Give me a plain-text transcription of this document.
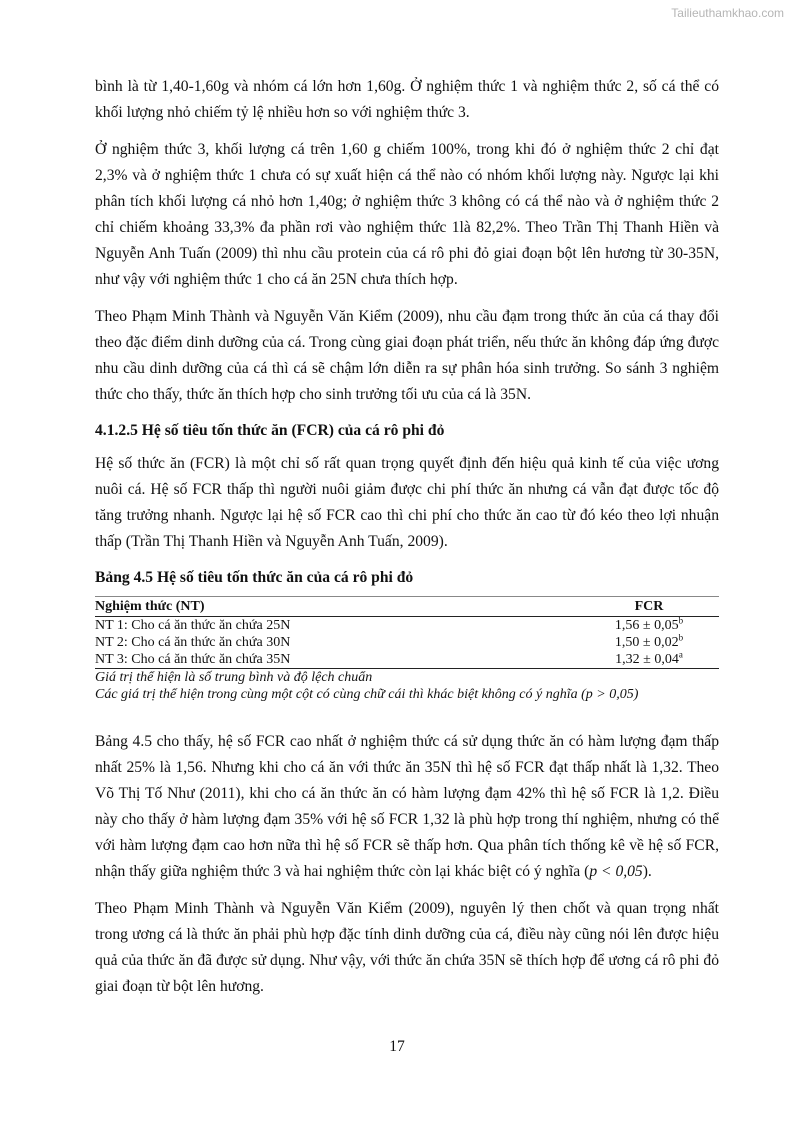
Tailieuthamkhao.com

bình là từ 1,40-1,60g và nhóm cá lớn hơn 1,60g. Ở nghiệm thức 1 và nghiệm thức 2, số cá thể có khối lượng nhỏ chiếm tỷ lệ nhiều hơn so với nghiệm thức 3.

Ở nghiệm thức 3, khối lượng cá trên 1,60 g chiếm 100%, trong khi đó ở nghiệm thức 2 chỉ đạt 2,3% và ở nghiệm thức 1 chưa có sự xuất hiện cá thể nào có nhóm khối lượng này. Ngược lại khi phân tích khối lượng cá nhỏ hơn 1,40g; ở nghiệm thức 3 không có cá thể nào và ở nghiệm thức 2 chỉ chiếm khoảng 33,3% đa phần rơi vào nghiệm thức 1là 82,2%. Theo Trần Thị Thanh Hiền và Nguyễn Anh Tuấn (2009) thì nhu cầu protein của cá rô phi đỏ giai đoạn bột lên hương từ 30-35N, như vậy với nghiệm thức 1 cho cá ăn 25N chưa thích hợp.

Theo Phạm Minh Thành và Nguyễn Văn Kiểm (2009), nhu cầu đạm trong thức ăn của cá thay đổi theo đặc điểm dinh dưỡng của cá. Trong cùng giai đoạn phát triển, nếu thức ăn không đáp ứng được nhu cầu dinh dưỡng của cá thì cá sẽ chậm lớn diễn ra sự phân hóa sinh trưởng. So sánh 3 nghiệm thức cho thấy, thức ăn thích hợp cho sinh trưởng tối ưu của cá là 35N.

4.1.2.5 Hệ số tiêu tốn thức ăn (FCR) của cá rô phi đỏ

Hệ số thức ăn (FCR) là một chỉ số rất quan trọng quyết định đến hiệu quả kinh tế của việc ương nuôi cá. Hệ số FCR thấp thì người nuôi giảm được chi phí thức ăn nhưng cá vẫn đạt được tốc độ tăng trưởng nhanh. Ngược lại hệ số FCR cao thì chi phí cho thức ăn cao từ đó kéo theo lợi nhuận thấp (Trần Thị Thanh Hiền và Nguyễn Anh Tuấn, 2009).

Bảng 4.5 Hệ số tiêu tốn thức ăn của cá rô phi đỏ
Nghiệm thức (NT)	FCR
NT 1: Cho cá ăn thức ăn chứa 25N	1,56 ± 0,05$^b$
NT 2: Cho cá ăn thức ăn chứa 30N	1,50 ± 0,02$^b$
NT 3: Cho cá ăn thức ăn chứa 35N	1,32 ± 0,04$^a$

Giá trị thể hiện là số trung bình và độ lệch chuẩn

Các giá trị thể hiện trong cùng một cột có cùng chữ cái thì khác biệt không có ý nghĩa (p > 0,05)

Bảng 4.5 cho thấy, hệ số FCR cao nhất ở nghiệm thức cá sử dụng thức ăn có hàm lượng đạm thấp nhất 25% là 1,56. Nhưng khi cho cá ăn với thức ăn 35N thì hệ số FCR đạt thấp nhất là 1,32. Theo Võ Thị Tố Như (2011), khi cho cá ăn thức ăn có hàm lượng đạm 42% thì hệ số FCR là 1,2. Điều này cho thấy ở hàm lượng đạm 35% với hệ số FCR 1,32 là phù hợp trong thí nghiệm, nhưng có thể với hàm lượng đạm cao hơn nữa thì hệ số FCR sẽ thấp hơn. Qua phân tích thống kê về hệ số FCR, nhận thấy giữa nghiệm thức 3 và hai nghiệm thức còn lại khác biệt có ý nghĩa (p < 0,05).

Theo Phạm Minh Thành và Nguyễn Văn Kiểm (2009), nguyên lý then chốt và quan trọng nhất trong ương cá là thức ăn phải phù hợp đặc tính dinh dưỡng của cá, điều này cũng nói lên được hiệu quả của thức ăn đã được sử dụng. Như vậy, với thức ăn chứa 35N sẽ thích hợp để ương cá rô phi đỏ giai đoạn từ bột lên hương.

17
